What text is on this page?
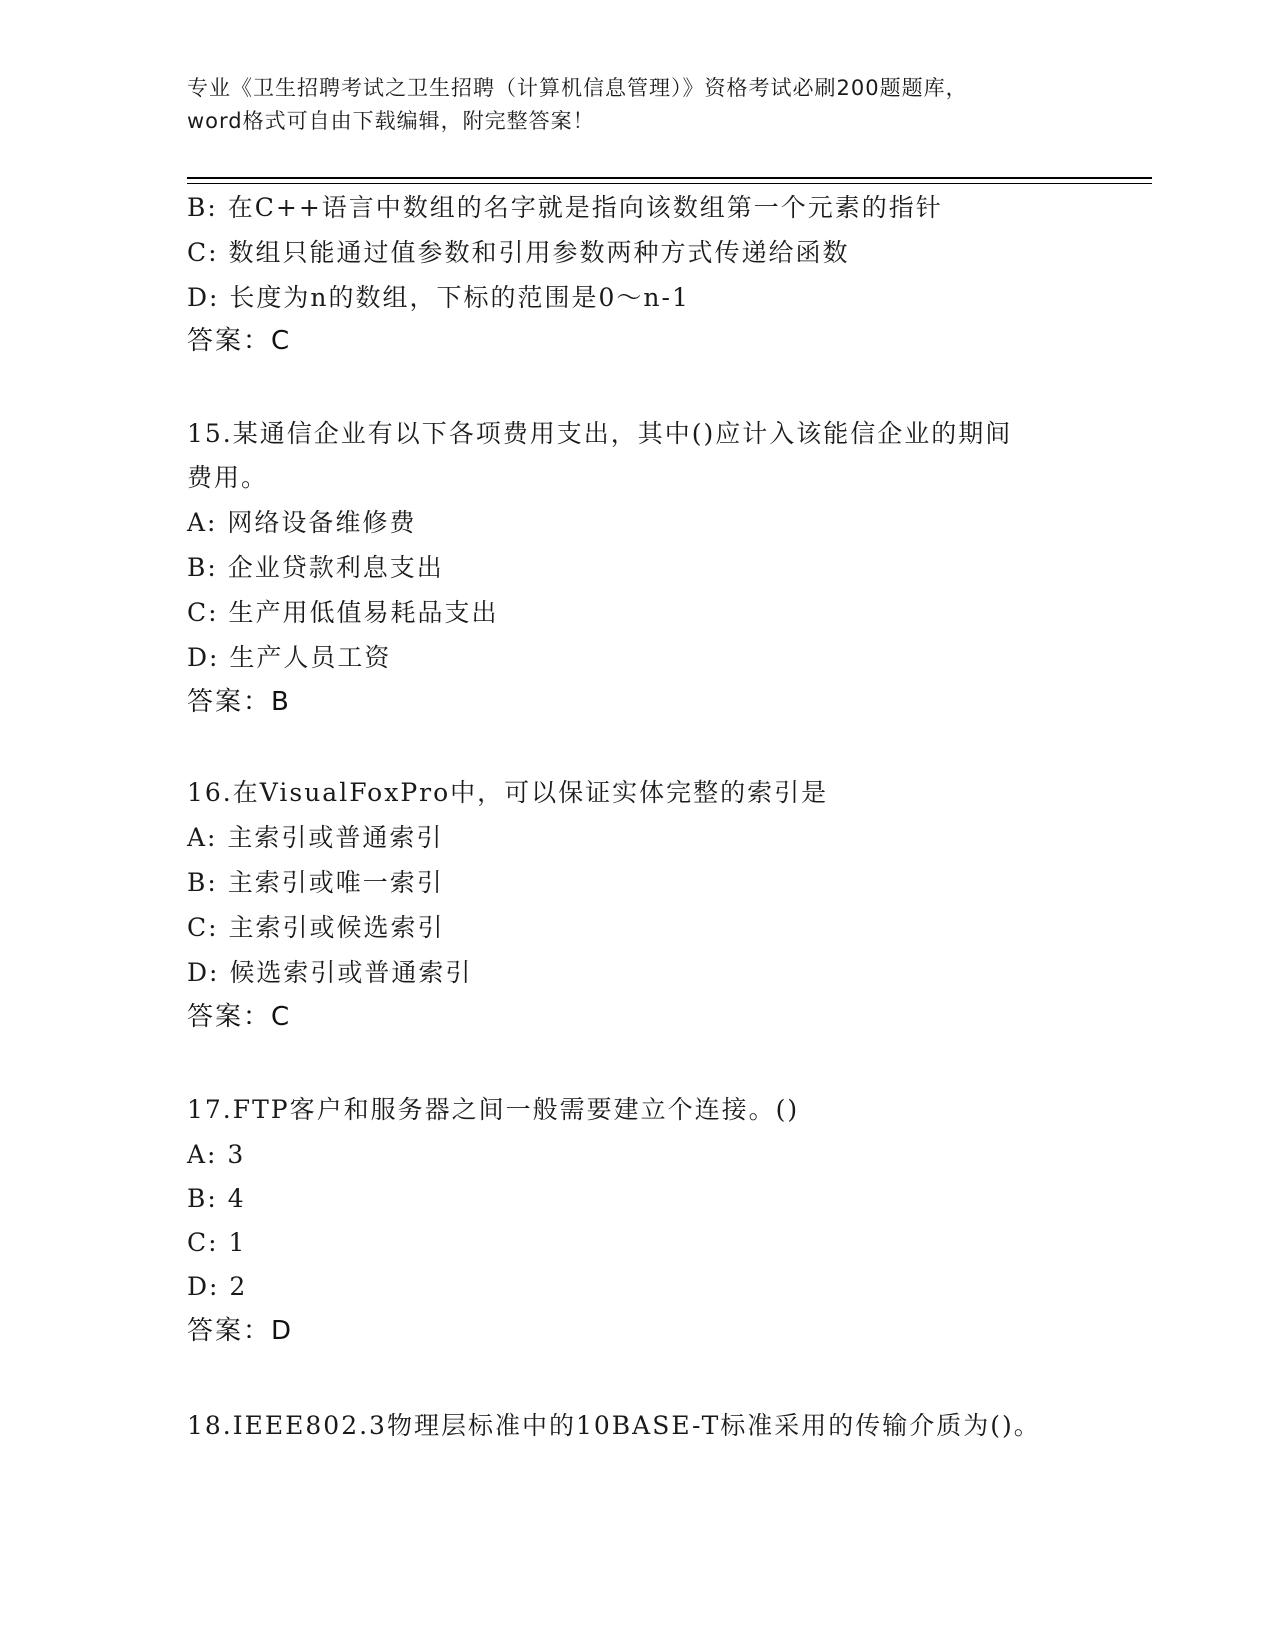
专业《卫生招聘考试之卫生招聘（计算机信息管理）》资格考试必刷200题题库，
word格式可自由下载编辑，附完整答案！
B: 在C++语言中数组的名字就是指向该数组第一个元素的指针
C: 数组只能通过值参数和引用参数两种方式传递给函数
D: 长度为n的数组，下标的范围是0～n-1
答案：C
15.某通信企业有以下各项费用支出，其中()应计入该能信企业的期间
费用。
A: 网络设备维修费
B: 企业贷款利息支出
C: 生产用低值易耗品支出
D: 生产人员工资
答案：B
16.在VisualFoxPro中，可以保证实体完整的索引是
A: 主索引或普通索引
B: 主索引或唯一索引
C: 主索引或候选索引
D: 候选索引或普通索引
答案：C
17.FTP客户和服务器之间一般需要建立个连接。()
A: 3
B: 4
C: 1
D: 2
答案：D
18.IEEE802.3物理层标准中的10BASE-T标准采用的传输介质为()。
